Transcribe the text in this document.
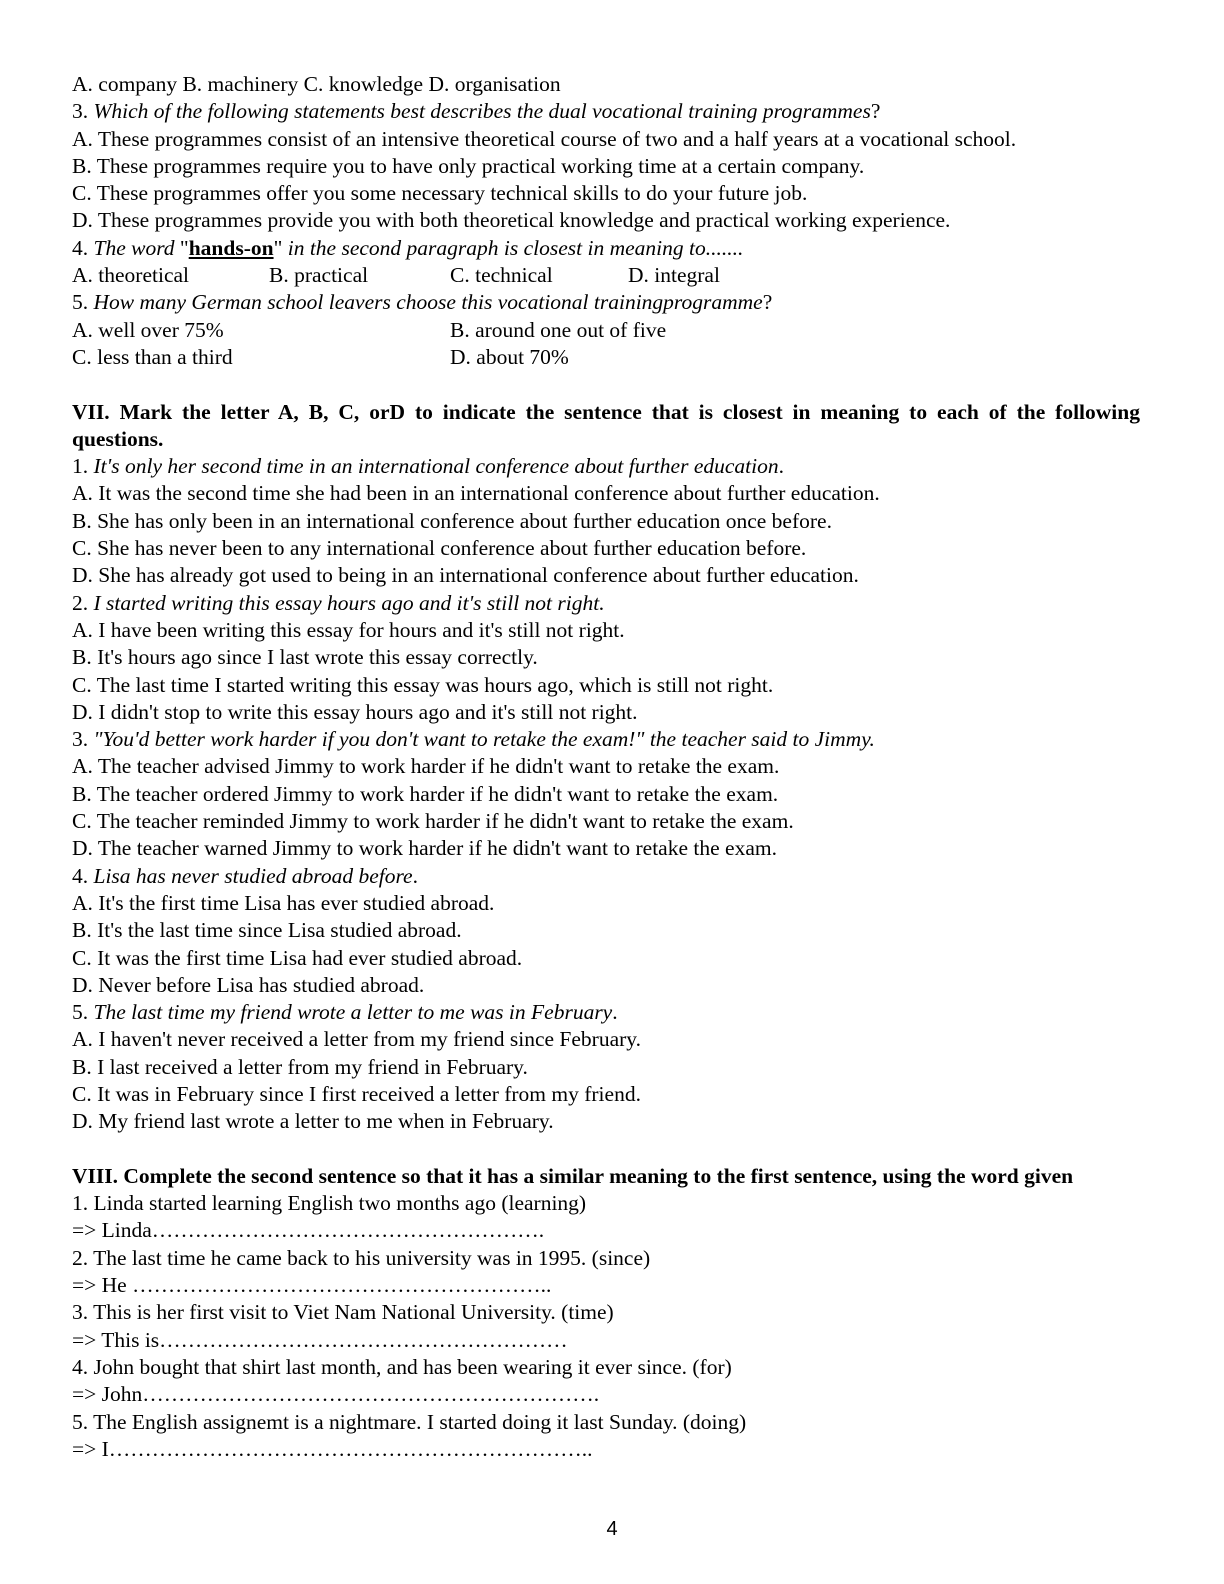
A. company B. machinery C. knowledge D. organisation
3. Which of the following statements best describes the dual vocational training programmes?
A. These programmes consist of an intensive theoretical course of two and a half years at a vocational school.
B. These programmes require you to have only practical working time at a certain company.
C. These programmes offer you some necessary technical skills to do your future job.
D. These programmes provide you with both theoretical knowledge and practical working experience.
4. The word "hands-on" in the second paragraph is closest in meaning to.......
A. theoretical	B. practical	C. technical	D. integral
5. How many German school leavers choose this vocational trainingprogramme?
A. well over 75%	B. around one out of five
C. less than a third	D. about 70%
VII. Mark the letter A, B, C, orD to indicate the sentence that is closest in meaning to each of the following questions.
1. It's only her second time in an international conference about further education.
A. It was the second time she had been in an international conference about further education.
B. She has only been in an international conference about further education once before.
C. She has never been to any international conference about further education before.
D. She has already got used to being in an international conference about further education.
2. I started writing this essay hours ago and it's still not right.
A. I have been writing this essay for hours and it's still not right.
B. It's hours ago since I last wrote this essay correctly.
C. The last time I started writing this essay was hours ago, which is still not right.
D. I didn't stop to write this essay hours ago and it's still not right.
3. "You'd better work harder if you don't want to retake the exam!" the teacher said to Jimmy.
A. The teacher advised Jimmy to work harder if he didn't want to retake the exam.
B. The teacher ordered Jimmy to work harder if he didn't want to retake the exam.
C. The teacher reminded Jimmy to work harder if he didn't want to retake the exam.
D. The teacher warned Jimmy to work harder if he didn't want to retake the exam.
4. Lisa has never studied abroad before.
A. It's the first time Lisa has ever studied abroad.
B. It's the last time since Lisa studied abroad.
C. It was the first time Lisa had ever studied abroad.
D. Never before Lisa has studied abroad.
5. The last time my friend wrote a letter to me was in February.
A. I haven't never received a letter from my friend since February.
B. I last received a letter from my friend in February.
C. It was in February since I first received a letter from my friend.
D. My friend last wrote a letter to me when in February.
VIII. Complete the second sentence so that it has a similar meaning to the first sentence, using the word given
1. Linda started learning English two months ago (learning)
=> Linda……………………………………………….
2. The last time he came back to his university was in 1995. (since)
=> He …………………………………………………..
3. This is her first visit to Viet Nam National University. (time)
=> This is…………………………………………………
4. John bought that shirt last month, and has been wearing it ever since. (for)
=> John……………………………………………………….
5. The English assignemt is a nightmare. I started doing it last Sunday. (doing)
=> I…………………………………………………………..
4
